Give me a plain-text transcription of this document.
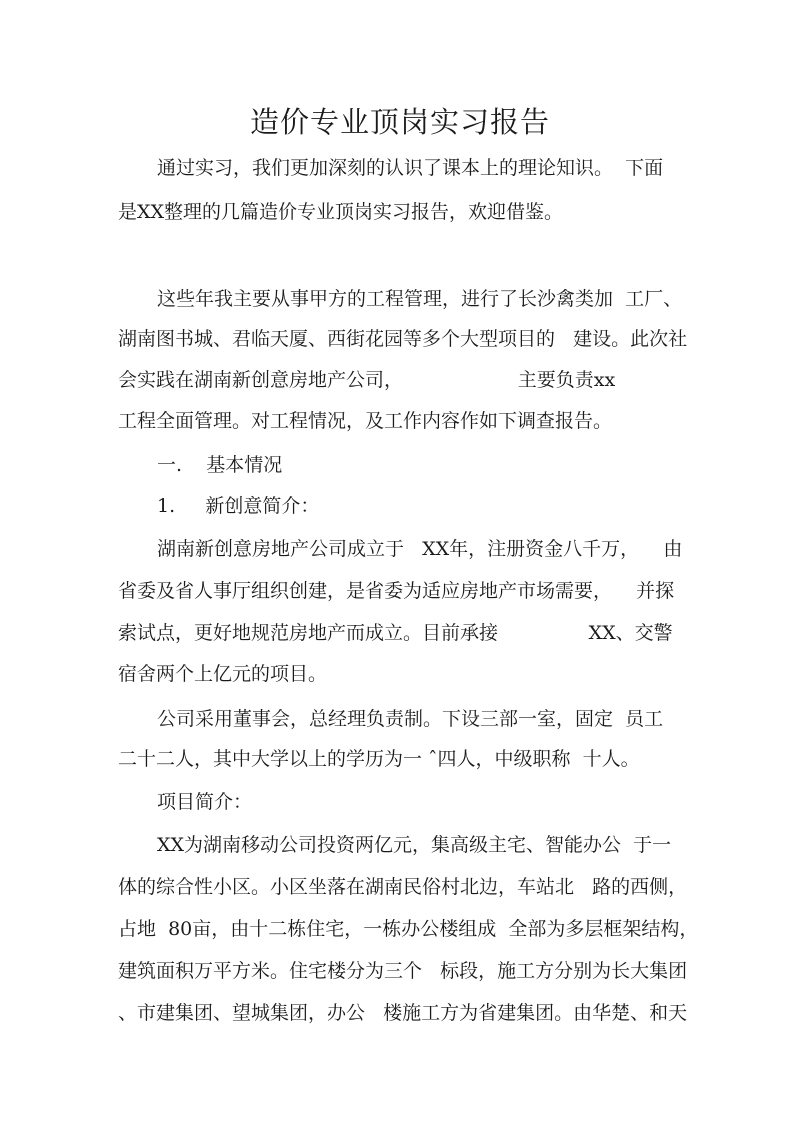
造价专业顶岗实习报告
通过实习，我们更加深刻的认识了课本上的理论知识。  下面
是XX整理的几篇造价专业顶岗实习报告，欢迎借鉴。
这些年我主要从事甲方的工程管理，进行了长沙禽类加  工厂、
湖南图书城、君临天厦、西街花园等多个大型项目的   建设。此次社
会实践在湖南新创意房地产公司，                   主要负责xx
工程全面管理。对工程情况，及工作内容作如下调查报告。
一.    基本情况
1.     新创意简介：
湖南新创意房地产公司成立于   XX年，注册资金八千万，    由
省委及省人事厅组织创建，是省委为适应房地产市场需要，    并探
索试点，更好地规范房地产而成立。目前承接               XX、交警
宿舍两个上亿元的项目。
公司采用董事会，总经理负责制。下设三部一室，固定  员工
二十二人，其中大学以上的学历为一 ˆ四人，中级职称  十人。
项目简介：
XX为湖南移动公司投资两亿元，集高级主宅、智能办公  于一
体的综合性小区。小区坐落在湖南民俗村北边，车站北   路的西侧，
占地  80亩，由十二栋住宅，一栋办公楼组成  全部为多层框架结构，
建筑面积万平方米。住宅楼分为三个   标段，施工方分别为长大集团
、市建集团、望城集团，办公   楼施工方为省建集团。由华楚、和天
